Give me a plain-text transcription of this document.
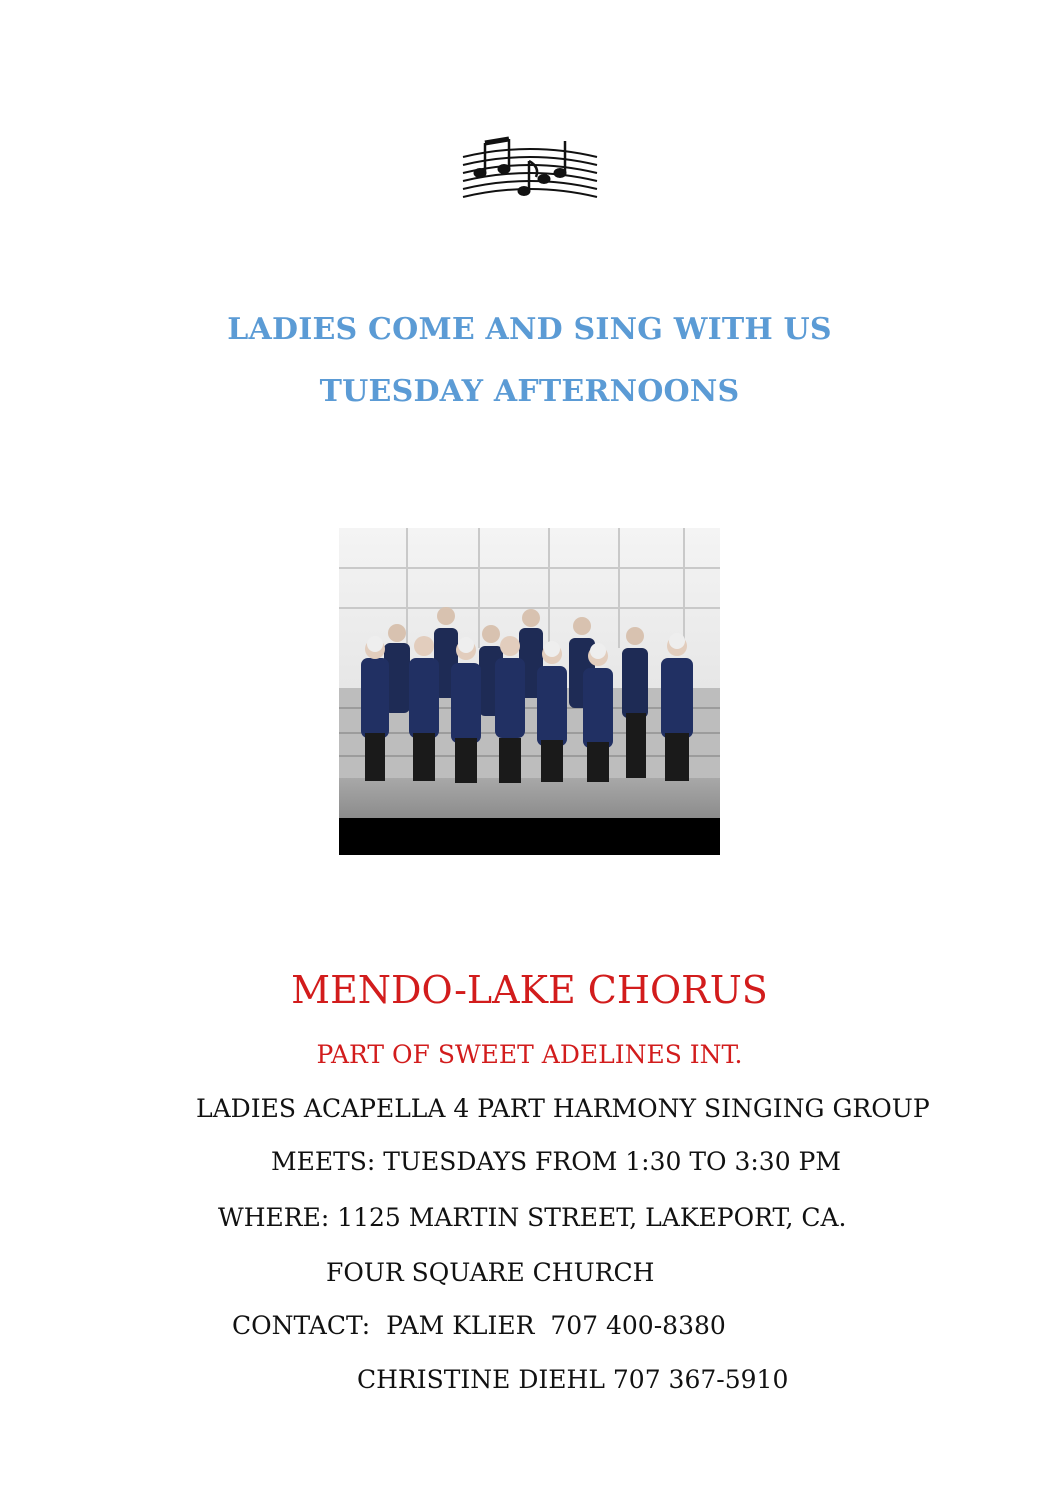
LADIES COME AND SING WITH US
TUESDAY AFTERNOONS
MENDO-LAKE CHORUS
PART OF SWEET ADELINES INT.
LADIES ACAPELLA 4 PART HARMONY SINGING GROUP
MEETS: TUESDAYS FROM 1:30 TO 3:30 PM
WHERE: 1125 MARTIN STREET, LAKEPORT, CA.
FOUR SQUARE CHURCH
CONTACT:  PAM KLIER  707 400-8380
CHRISTINE DIEHL 707 367-5910
